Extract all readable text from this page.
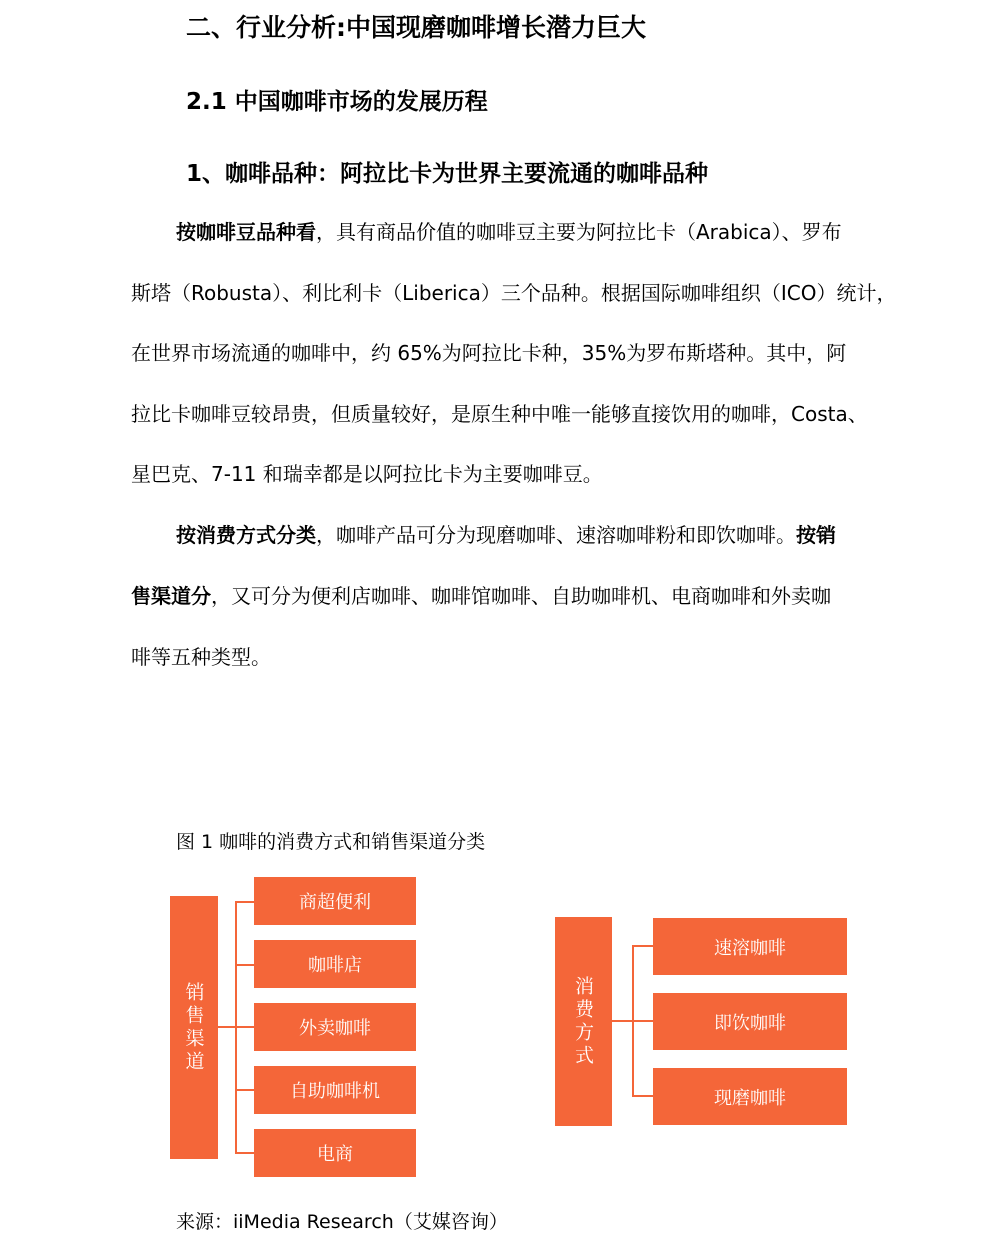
二、行业分析:中国现磨咖啡增长潜力巨大
2.1 中国咖啡市场的发展历程
1、咖啡品种：阿拉比卡为世界主要流通的咖啡品种
按咖啡豆品种看，具有商品价值的咖啡豆主要为阿拉比卡（Arabica）、罗布
斯塔（Robusta）、利比利卡（Liberica）三个品种。根据国际咖啡组织（ICO）统计，
在世界市场流通的咖啡中，约 65%为阿拉比卡种，35%为罗布斯塔种。其中，阿
拉比卡咖啡豆较昂贵，但质量较好，是原生种中唯一能够直接饮用的咖啡，Costa、
星巴克、7-11 和瑞幸都是以阿拉比卡为主要咖啡豆。
按消费方式分类，咖啡产品可分为现磨咖啡、速溶咖啡粉和即饮咖啡。按销
售渠道分，又可分为便利店咖啡、咖啡馆咖啡、自助咖啡机、电商咖啡和外卖咖
啡等五种类型。
图 1 咖啡的消费方式和销售渠道分类
销售渠道
商超便利
咖啡店
外卖咖啡
自助咖啡机
电商
消费方式
速溶咖啡
即饮咖啡
现磨咖啡
来源：iiMedia Research（艾媒咨询）
